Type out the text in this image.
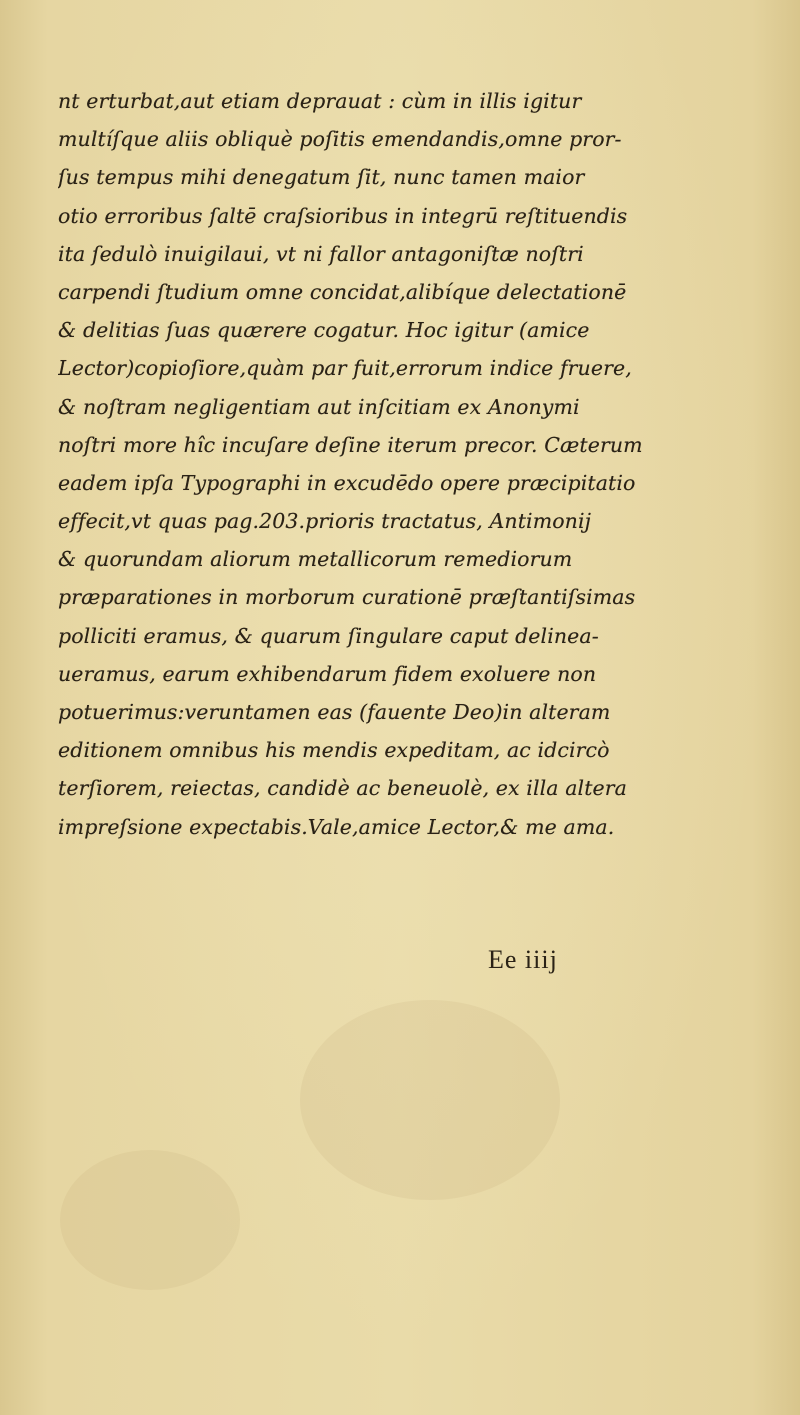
nt erturbat,aut etiam deprauat : cùm in illis igitur
multíſque aliis obliquè poſitis emendandis,omne pror-
ſus tempus mihi denegatum ſit, nunc tamen maior
otio erroribus ſaltē craſsioribus in integrū reſtituendis
ita ſedulò inuigilaui, vt ni fallor antagoniſtæ noſtri
carpendi ſtudium omne concidat,alibíque delectationē
& delitias ſuas quærere cogatur. Hoc igitur (amice
Lector)copioſiore,quàm par fuit,errorum indice fruere,
& noſtram negligentiam aut inſcitiam ex Anonymi
noſtri more hîc incuſare deſine iterum precor. Cæterum
eadem ipſa Typographi in excudēdo opere præcipitatio
effecit,vt quas pag.203.prioris tractatus, Antimonij
& quorundam aliorum metallicorum remediorum
præparationes in morborum curationē præſtantiſsimas
polliciti eramus, & quarum ſingulare caput delinea-
ueramus, earum exhibendarum fidem exoluere non
potuerimus:veruntamen eas (fauente Deo)in alteram
editionem omnibus his mendis expeditam, ac idcircò
terſiorem, reiectas, candidè ac beneuolè, ex illa altera
impreſsione expectabis.Vale,amice Lector,& me ama.
Ee iiij
